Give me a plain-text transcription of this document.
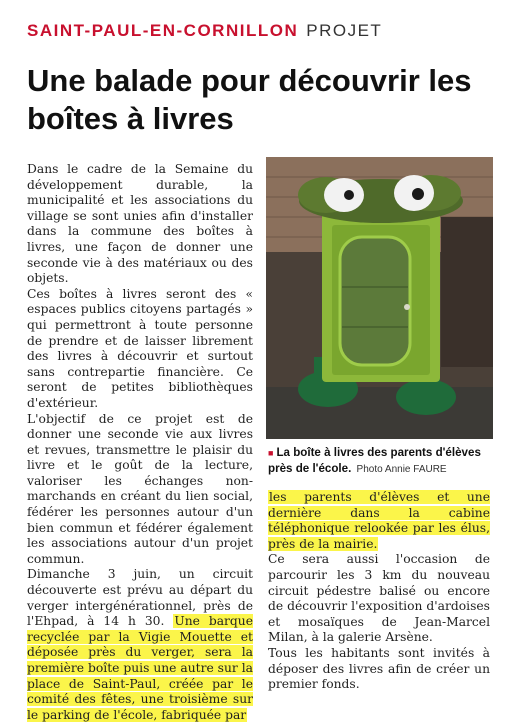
SAINT-PAUL-EN-CORNILLON PROJET
Une balade pour découvrir les boîtes à livres

Dans le cadre de la Semaine du développement durable, la municipalité et les associations du village se sont unies afin d'installer dans la commune des boîtes à livres, une façon de donner une seconde vie à des matériaux ou des objets.

Ces boîtes à livres seront des « espaces publics citoyens partagés » qui permettront à toute personne de prendre et de laisser librement des livres à découvrir et surtout sans contrepartie financière. Ce seront de petites bibliothèques d'extérieur.

L'objectif de ce projet est de donner une seconde vie aux livres et revues, transmettre le plaisir du livre et le goût de la lecture, valoriser les échanges non-marchands en créant du lien social, fédérer les personnes autour d'un bien commun et fédérer également les associations autour d'un projet commun.

Dimanche 3 juin, un circuit découverte est prévu au départ du verger intergénérationnel, près de l'Ehpad, à 14 h 30. Une barque recyclée par la Vigie Mouette et déposée près du verger, sera la première boîte puis une autre sur la place de Saint-Paul, créée par le comité des fêtes, une troisième sur le parking de l'école, fabriquée par

■ La boîte à livres des parents d'élèves près de l'école. Photo Annie FAURE

les parents d'élèves et une dernière dans la cabine téléphonique relookée par les élus, près de la mairie.

Ce sera aussi l'occasion de parcourir les 3 km du nouveau circuit pédestre balisé ou encore de découvrir l'exposition d'ardoises et mosaïques de Jean-Marcel Milan, à la galerie Arsène.

Tous les habitants sont invités à déposer des livres afin de créer un premier fonds.
